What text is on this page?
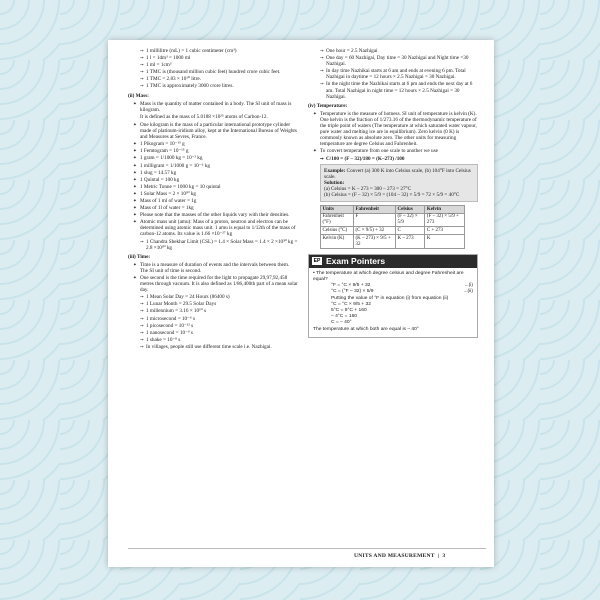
➙ 1 millilitre (mL) = 1 cubic centimeter (cm³)
➙ 1 l = 1dm³ = 1000 ml
➙ 1 ml = 1cm³
➙ 1 TMC is (thousand million cubic feet) hundred crore cubic feet.
➙ 1 TMC = 2.83 × 10¹⁰ litre.
➙ 1 TMC is approximately 3000 crore litres.
(ii) Mass:
✦ Mass is the quantity of matter contained in a body. The SI unit of mass is kilogram.
It is defined as the mass of 5.0188 ×10²⁵ atoms of Carbon-12.
✦ One kilogram is the mass of a particular international prototype cylinder made of platinum-iridium alloy, kept at the International Bureau of Weights and Measures at Sevres, France.
✦ 1 Pikogram = 10⁻¹⁵ g
✦ 1 Femtogram = 10⁻¹⁵ g
✦ 1 gram = 1/1000 kg = 10⁻³ kg
✦ 1 milligram = 1/1000 g = 10⁻⁶ kg
✦ 1 slug = 14.57 kg
✦ 1 Quintal = 100 kg
✦ 1 Metric Tonne = 1000 kg = 10 quintal
✦ 1 Solar Mass = 2 × 10³⁰ kg
✦ Mass of 1 ml of water = 1g
✦ Mass of 1l of water = 1kg
✦ Please note that the masses of the other liquids vary with their densities.
✦ Atomic mass unit (amu): Mass of a proton, neutron and electron can be determined using atomic mass unit. 1 amu is equal to 1/12th of the mass of carbon-12 atoms. Its value is 1.66 ×10⁻²⁷ kg
➙ 1 Chandra Shekhar Limit (CSL) = 1.4 × Solar Mass = 1.4 × 2 ×10³⁰ kg = 2.8 ×10³⁰ kg
(iii) Time:
✦ Time is a measure of duration of events and the intervals between them. The SI unit of time is second.
✦ One second is the time required for the light to propagate 29,97,92,458 metres through vacuum. It is also defined as 1/86,400th part of a mean solar day.
➙ 1 Mean Solar Day = 24 Hours (86400 s)
➙ 1 Lunar Month = 29.5 Solar Days
➙ 1 millennium = 3.16 × 10¹⁰ s
➙ 1 microsecond = 10⁻⁶ s
➙ 1 picosecond = 10⁻¹² s
➙ 1 nanosecond = 10⁻⁹ s
➙ 1 shake = 10⁻⁸ s
➙ In villages, people still use different time scale i.e. Nazhigai.
➙ One hour = 2.5 Nazhigai
➙ One day = 60 Nazhigai, Day time = 30 Nazhigai and Night time =30 Nazhigai.
➙ In day time Nazhikai starts at 6 am and ends at evening 6 pm. Total Nazhigai in daytime = 12 hours × 2.5 Nazhigai = 30 Nazhigai.
➙ In the night time the Nazhikai starts at 6 pm and ends the next day at 6 am. Total Nazhigai in night time = 12 hours × 2.5 Nazhigai = 30 Nazhigai.
(iv) Temperature:
✦ Temperature is the measure of hotness. SI unit of temperature is kelvin (K). One kelvin is the fraction of 1/273.16 of the thermodynamic temperature of the triple point of waters (The temperature at which saturated water vapour, pure water and melting ice are in equilibrium). Zero kelvin (0 K) is commonly known as absolute zero. The other units for measuring temperature are degree Celsius and Fahrenheit.
✦ To convert temperature from one scale to another we use
➙ C/100 = (F – 32)/180 = (K–273) /100
Example: Convert (a) 300 K into Celsius scale, (b) 104°F into Celsius scale.
Solution:
(a) Celsius = K – 273 = 300 – 273 = 27°C
(b) Celsius = (F – 32) × 5/9 = (104 – 32) × 5/9 = 72 × 5/9 = 40°C
Units	Fahrenheit	Celsius	Kelvin
Fahrenheit (°F)	F	(F – 32) × 5/9	(F – 32) × 5/9 + 273
Celsius (°C)	(C × 9/5) + 32	C	C + 273
Kelvin (K)	(K – 273) × 9/5 + 32	K – 273	K
EP Exam Pointers
• The temperature at which degree celsius and degree Fahrenheit are equal?
°F = °C × 9/5 + 32	...(i)
°C = (°F – 32) × 5/9	...(ii)
Putting the value of °F in equation (i) from equation (ii)
°C = °C × 9/5 + 32
5°C = 9°C + 160
– 4°C = 160
C = – 40°
The temperature at which both are equal is – 40°
UNITS AND MEASUREMENT  |  3
